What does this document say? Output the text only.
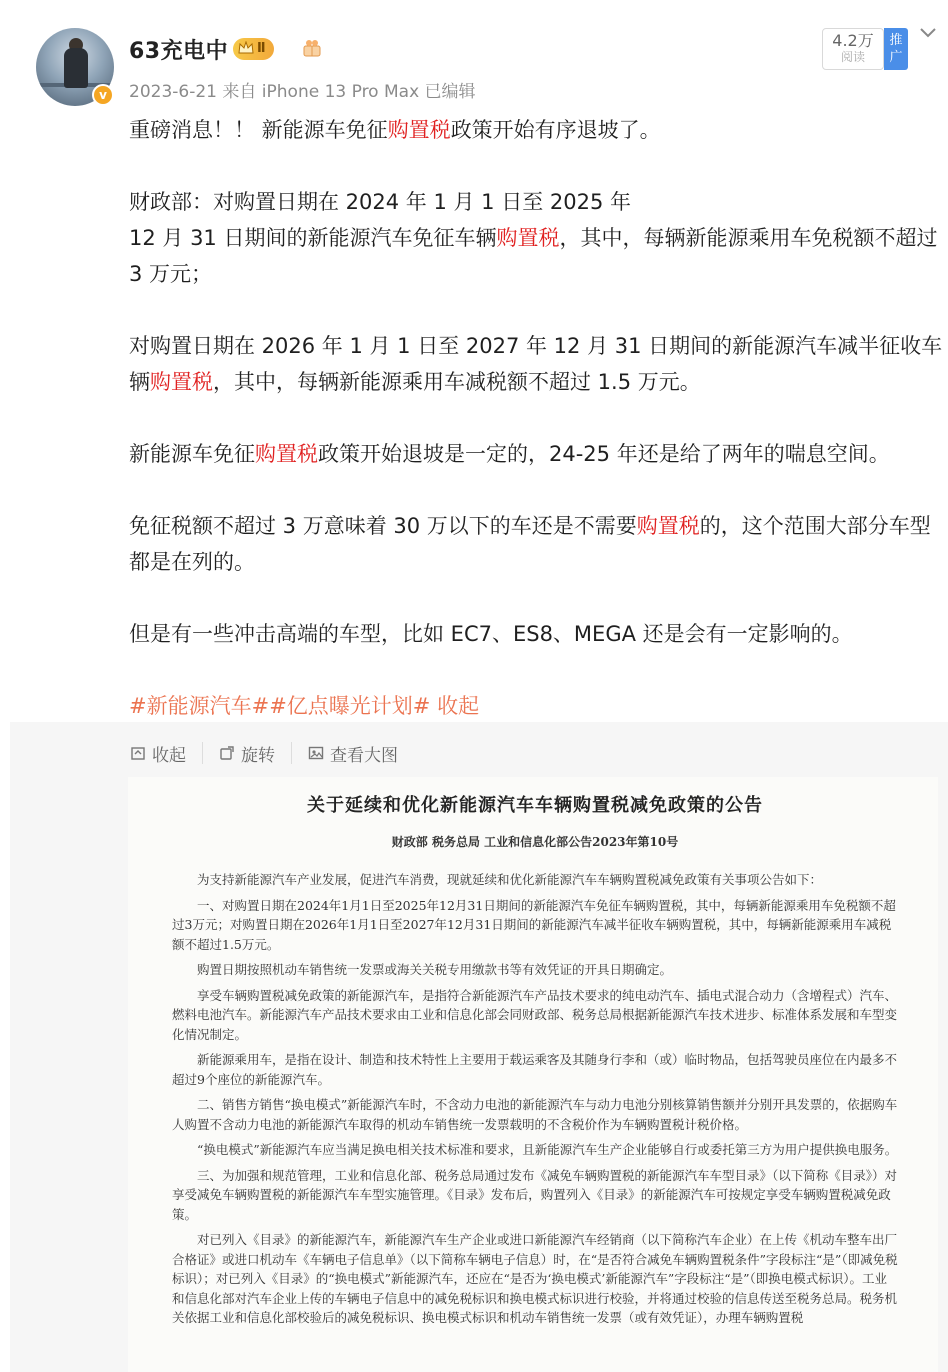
v
63充电中	Ⅱ
2023-6-21 来自 iPhone 13 Pro Max 已编辑
4.2万
阅读
推广

重磅消息！！ 新能源车免征购置税政策开始有序退坡了。

财政部：对购置日期在 2024 年 1 月 1 日至 2025 年
12 月 31 日期间的新能源汽车免征车辆购置税，其中，每辆新能源乘用车免税额不超过 3 万元；

对购置日期在 2026 年 1 月 1 日至 2027 年 12 月 31 日期间的新能源汽车减半征收车辆购置税，其中，每辆新能源乘用车减税额不超过 1.5 万元。

新能源车免征购置税政策开始退坡是一定的，24-25 年还是给了两年的喘息空间。

免征税额不超过 3 万意味着 30 万以下的车还是不需要购置税的，这个范围大部分车型都是在列的。

但是有一些冲击高端的车型，比如 EC7、ES8、MEGA 还是会有一定影响的。

#新能源汽车##亿点曝光计划# 收起

收起	旋转	查看大图
关于延续和优化新能源汽车车辆购置税减免政策的公告
财政部 税务总局 工业和信息化部公告2023年第10号

为支持新能源汽车产业发展，促进汽车消费，现就延续和优化新能源汽车车辆购置税减免政策有关事项公告如下：

一、对购置日期在2024年1月1日至2025年12月31日期间的新能源汽车免征车辆购置税，其中，每辆新能源乘用车免税额不超过3万元；对购置日期在2026年1月1日至2027年12月31日期间的新能源汽车减半征收车辆购置税，其中，每辆新能源乘用车减税额不超过1.5万元。

购置日期按照机动车销售统一发票或海关关税专用缴款书等有效凭证的开具日期确定。

享受车辆购置税减免政策的新能源汽车，是指符合新能源汽车产品技术要求的纯电动汽车、插电式混合动力（含增程式）汽车、燃料电池汽车。新能源汽车产品技术要求由工业和信息化部会同财政部、税务总局根据新能源汽车技术进步、标准体系发展和车型变化情况制定。

新能源乘用车，是指在设计、制造和技术特性上主要用于载运乘客及其随身行李和（或）临时物品，包括驾驶员座位在内最多不超过9个座位的新能源汽车。

二、销售方销售“换电模式”新能源汽车时，不含动力电池的新能源汽车与动力电池分别核算销售额并分别开具发票的，依据购车人购置不含动力电池的新能源汽车取得的机动车销售统一发票载明的不含税价作为车辆购置税计税价格。

“换电模式”新能源汽车应当满足换电相关技术标准和要求，且新能源汽车生产企业能够自行或委托第三方为用户提供换电服务。

三、为加强和规范管理，工业和信息化部、税务总局通过发布《减免车辆购置税的新能源汽车车型目录》（以下简称《目录》）对享受减免车辆购置税的新能源汽车车型实施管理。《目录》发布后，购置列入《目录》的新能源汽车可按规定享受车辆购置税减免政策。

对已列入《目录》的新能源汽车，新能源汽车生产企业或进口新能源汽车经销商（以下简称汽车企业）在上传《机动车整车出厂合格证》或进口机动车《车辆电子信息单》（以下简称车辆电子信息）时，在“是否符合减免车辆购置税条件”字段标注“是”（即减免税标识）；对已列入《目录》的“换电模式”新能源汽车，还应在“是否为‘换电模式’新能源汽车”字段标注“是”（即换电模式标识）。工业和信息化部对汽车企业上传的车辆电子信息中的减免税标识和换电模式标识进行校验，并将通过校验的信息传送至税务总局。税务机关依据工业和信息化部校验后的减免税标识、换电模式标识和机动车销售统一发票（或有效凭证），办理车辆购置税
